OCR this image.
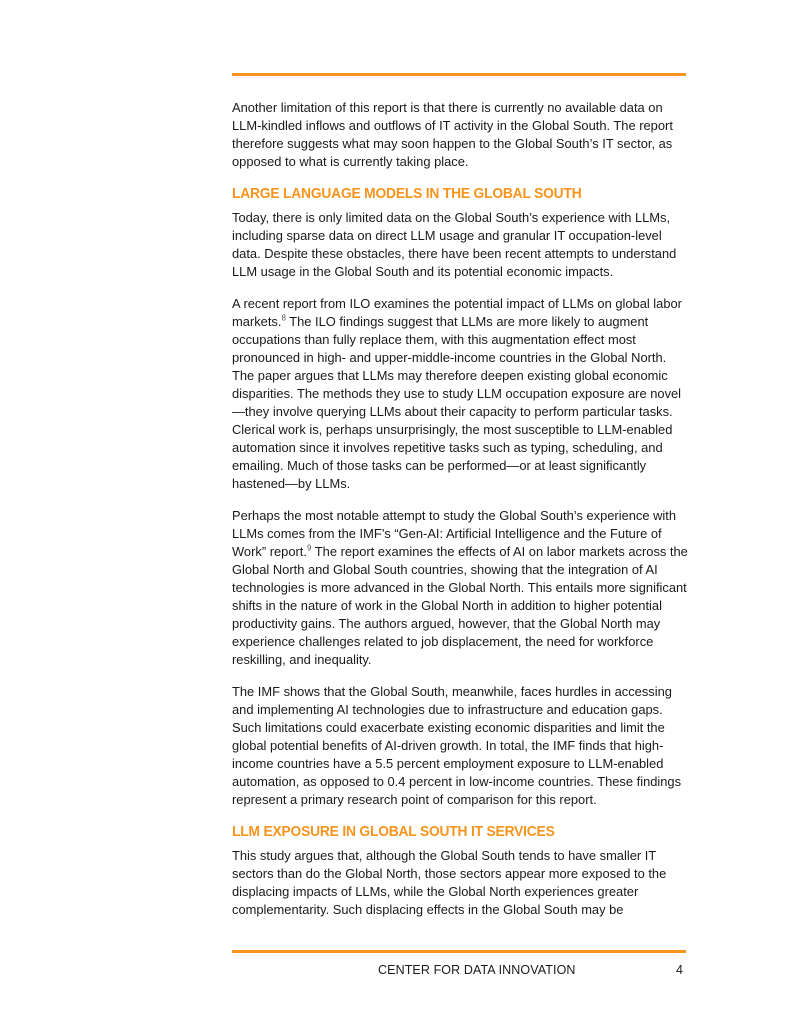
Another limitation of this report is that there is currently no available data on LLM-kindled inflows and outflows of IT activity in the Global South. The report therefore suggests what may soon happen to the Global South’s IT sector, as opposed to what is currently taking place.

LARGE LANGUAGE MODELS IN THE GLOBAL SOUTH

Today, there is only limited data on the Global South’s experience with LLMs, including sparse data on direct LLM usage and granular IT occupation-level data. Despite these obstacles, there have been recent attempts to understand LLM usage in the Global South and its potential economic impacts.

A recent report from ILO examines the potential impact of LLMs on global labor markets.$^8$ The ILO findings suggest that LLMs are more likely to augment occupations than fully replace them, with this augmentation effect most pronounced in high- and upper-middle-income countries in the Global North. The paper argues that LLMs may therefore deepen existing global economic disparities. The methods they use to study LLM occupation exposure are novel—they involve querying LLMs about their capacity to perform particular tasks. Clerical work is, perhaps unsurprisingly, the most susceptible to LLM-enabled automation since it involves repetitive tasks such as typing, scheduling, and emailing. Much of those tasks can be performed—or at least significantly hastened—by LLMs.

Perhaps the most notable attempt to study the Global South’s experience with LLMs comes from the IMF’s “Gen-AI: Artificial Intelligence and the Future of Work” report.$^9$ The report examines the effects of AI on labor markets across the Global North and Global South countries, showing that the integration of AI technologies is more advanced in the Global North. This entails more significant shifts in the nature of work in the Global North in addition to higher potential productivity gains. The authors argued, however, that the Global North may experience challenges related to job displacement, the need for workforce reskilling, and inequality.

The IMF shows that the Global South, meanwhile, faces hurdles in accessing and implementing AI technologies due to infrastructure and education gaps. Such limitations could exacerbate existing economic disparities and limit the global potential benefits of AI-driven growth. In total, the IMF finds that high-income countries have a 5.5 percent employment exposure to LLM-enabled automation, as opposed to 0.4 percent in low-income countries. These findings represent a primary research point of comparison for this report.

LLM EXPOSURE IN GLOBAL SOUTH IT SERVICES

This study argues that, although the Global South tends to have smaller IT sectors than do the Global North, those sectors appear more exposed to the displacing impacts of LLMs, while the Global North experiences greater complementarity. Such displacing effects in the Global South may be

CENTER FOR DATA INNOVATION	4
